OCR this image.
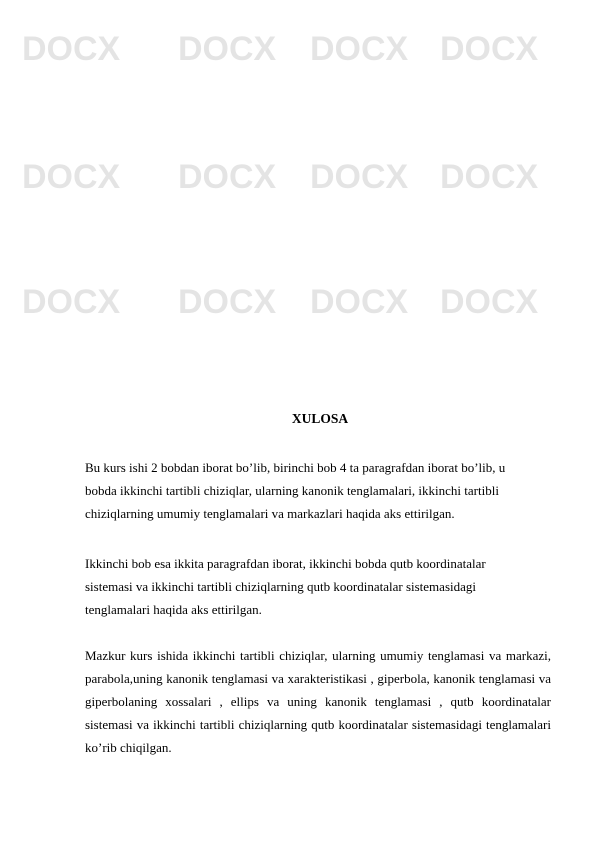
DOCX DOCX DOCX DOCX
DOCX DOCX DOCX DOCX
DOCX DOCX DOCX DOCX
XULOSA

Bu kurs ishi 2 bobdan iborat bo’lib, birinchi bob 4 ta paragrafdan iborat bo’lib, u bobda ikkinchi tartibli chiziqlar, ularning kanonik tenglamalari, ikkinchi tartibli chiziqlarning umumiy tenglamalari va markazlari haqida aks ettirilgan.

Ikkinchi bob esa ikkita paragrafdan iborat, ikkinchi bobda qutb koordinatalar sistemasi va ikkinchi tartibli chiziqlarning qutb koordinatalar sistemasidagi tenglamalari haqida aks ettirilgan.

Mazkur kurs ishida ikkinchi tartibli chiziqlar, ularning umumiy tenglamasi va markazi, parabola,uning kanonik tenglamasi va xarakteristikasi , giperbola, kanonik tenglamasi va giperbolaning xossalari , ellips va uning kanonik tenglamasi , qutb koordinatalar sistemasi va ikkinchi tartibli chiziqlarning qutb koordinatalar sistemasidagi tenglamalari ko’rib chiqilgan.
